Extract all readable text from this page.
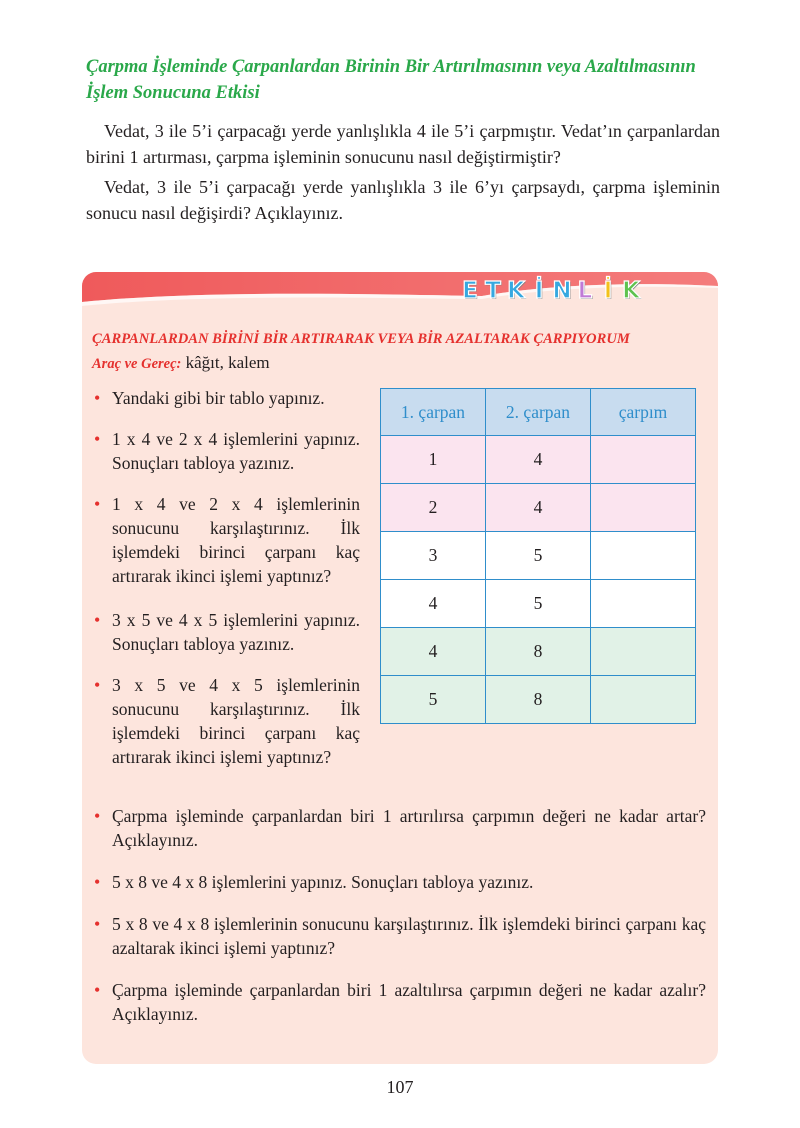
Çarpma İşleminde Çarpanlardan Birinin Bir Artırılmasının veya Azaltılmasının İşlem Sonucuna Etkisi
Vedat, 3 ile 5’i çarpacağı yerde yanlışlıkla 4 ile 5’i çarpmıştır. Vedat’ın çarpanlardan birini 1 artırması, çarpma işleminin sonucunu nasıl değiştirmiştir?
Vedat, 3 ile 5’i çarpacağı yerde yanlışlıkla 3 ile 6’yı çarpsaydı, çarpma işleminin sonucu nasıl değişirdi? Açıklayınız.
E T K İ N L İ K
ÇARPANLARDAN BİRİNİ BİR ARTIRARAK VEYA BİR AZALTARAK ÇARPIYORUM
Araç ve Gereç: kâğıt, kalem
• Yandaki gibi bir tablo yapınız.
• 1 x 4 ve 2 x 4 işlemlerini yapınız. Sonuçları tabloya yazınız.
• 1 x 4 ve 2 x 4 işlemlerinin sonucunu karşılaştırınız. İlk işlemdeki birinci çarpanı kaç artırarak ikinci işlemi yaptınız?
• 3 x 5 ve 4 x 5 işlemlerini yapınız. Sonuçları tabloya yazınız.
• 3 x 5 ve 4 x 5 işlemlerinin sonucunu karşılaştırınız. İlk işlemdeki birinci çarpanı kaç artırarak ikinci işlemi yaptınız?
1. çarpan	2. çarpan	çarpım
1	4	
2	4	
3	5	
4	5	
4	8	
5	8	
• Çarpma işleminde çarpanlardan biri 1 artırılırsa çarpımın değeri ne kadar artar? Açıklayınız.
• 5 x 8 ve 4 x 8 işlemlerini yapınız. Sonuçları tabloya yazınız.
• 5 x 8 ve 4 x 8 işlemlerinin sonucunu karşılaştırınız. İlk işlemdeki birinci çarpanı kaç azaltarak ikinci işlemi yaptınız?
• Çarpma işleminde çarpanlardan biri 1 azaltılırsa çarpımın değeri ne kadar azalır? Açıklayınız.
107
